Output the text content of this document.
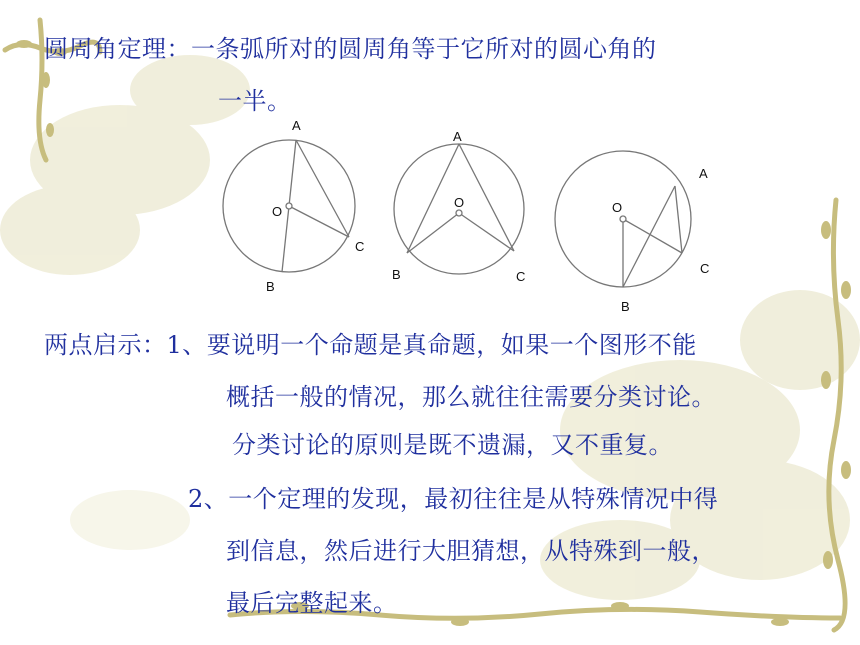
圆周角定理：一条弧所对的圆周角等于它所对的圆心角的
一半。
A
O
C
B
A
O
B	C
A
O
C
B
两点启示：1、要说明一个命题是真命题，如果一个图形不能
概括一般的情况，那么就往往需要分类讨论。
分类讨论的原则是既不遗漏，又不重复。
2、一个定理的发现，最初往往是从特殊情况中得
到信息，然后进行大胆猜想，从特殊到一般，
最后完整起来。
